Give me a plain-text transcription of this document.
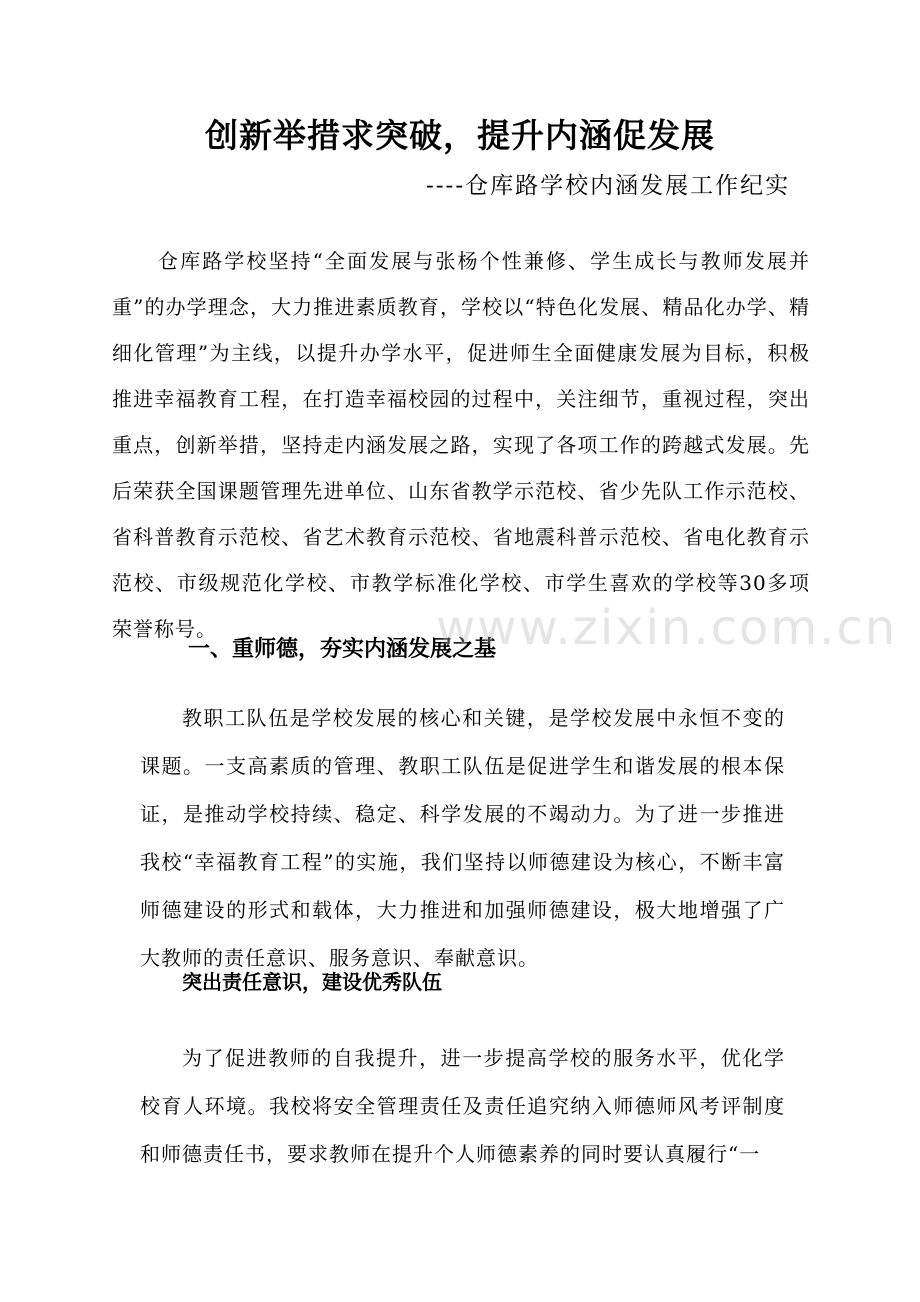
创新举措求突破，提升内涵促发展
----仓库路学校内涵发展工作纪实

仓库路学校坚持“全面发展与张杨个性兼修、学生成长与教师发展并重”的办学理念，大力推进素质教育，学校以“特色化发展、精品化办学、精细化管理”为主线，以提升办学水平，促进师生全面健康发展为目标，积极推进幸福教育工程，在打造幸福校园的过程中，关注细节，重视过程，突出重点，创新举措，坚持走内涵发展之路，实现了各项工作的跨越式发展。先后荣获全国课题管理先进单位、山东省教学示范校、省少先队工作示范校、省科普教育示范校、省艺术教育示范校、省地震科普示范校、省电化教育示范校、市级规范化学校、市教学标准化学校、市学生喜欢的学校等30多项荣誉称号。

一、重师德，夯实内涵发展之基

教职工队伍是学校发展的核心和关键，是学校发展中永恒不变的课题。一支高素质的管理、教职工队伍是促进学生和谐发展的根本保证，是推动学校持续、稳定、科学发展的不竭动力。为了进一步推进我校“幸福教育工程”的实施，我们坚持以师德建设为核心，不断丰富师德建设的形式和载体，大力推进和加强师德建设，极大地增强了广大教师的责任意识、服务意识、奉献意识。

突出责任意识，建设优秀队伍

为了促进教师的自我提升，进一步提高学校的服务水平，优化学校育人环境。我校将安全管理责任及责任追究纳入师德师风考评制度和师德责任书，要求教师在提升个人师德素养的同时要认真履行“一

www.zixin.com.cn
